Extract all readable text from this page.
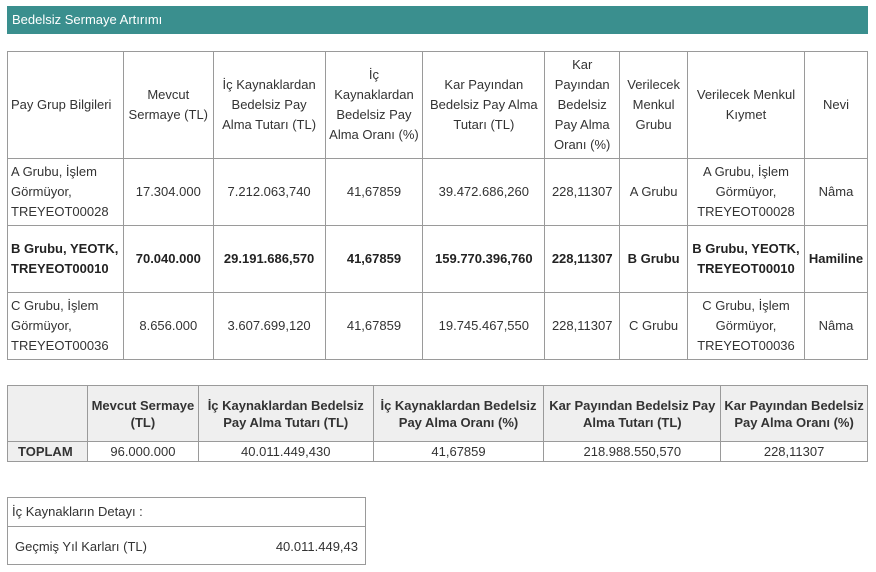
Bedelsiz Sermaye Artırımı
Pay Grup Bilgileri	Mevcut Sermaye (TL)	İç Kaynaklardan Bedelsiz Pay Alma Tutarı (TL)	İç Kaynaklardan Bedelsiz Pay Alma Oranı (%)	Kar Payından Bedelsiz Pay Alma Tutarı (TL)	Kar Payından Bedelsiz Pay Alma Oranı (%)	Verilecek Menkul Grubu	Verilecek Menkul Kıymet	Nevi
A Grubu, İşlem Görmüyor, TREYEOT00028	17.304.000	7.212.063,740	41,67859	39.472.686,260	228,11307	A Grubu	A Grubu, İşlem Görmüyor, TREYEOT00028	Nâma
B Grubu, YEOTK, TREYEOT00010	70.040.000	29.191.686,570	41,67859	159.770.396,760	228,11307	B Grubu	B Grubu, YEOTK, TREYEOT00010	Hamiline
C Grubu, İşlem Görmüyor, TREYEOT00036	8.656.000	3.607.699,120	41,67859	19.745.467,550	228,11307	C Grubu	C Grubu, İşlem Görmüyor, TREYEOT00036	Nâma
	Mevcut Sermaye (TL)	İç Kaynaklardan Bedelsiz Pay Alma Tutarı (TL)	İç Kaynaklardan Bedelsiz Pay Alma Oranı (%)	Kar Payından Bedelsiz Pay Alma Tutarı (TL)	Kar Payından Bedelsiz Pay Alma Oranı (%)
TOPLAM	96.000.000	40.011.449,430	41,67859	218.988.550,570	228,11307
İç Kaynakların Detayı :
Geçmiş Yıl Karları (TL)	40.011.449,43
